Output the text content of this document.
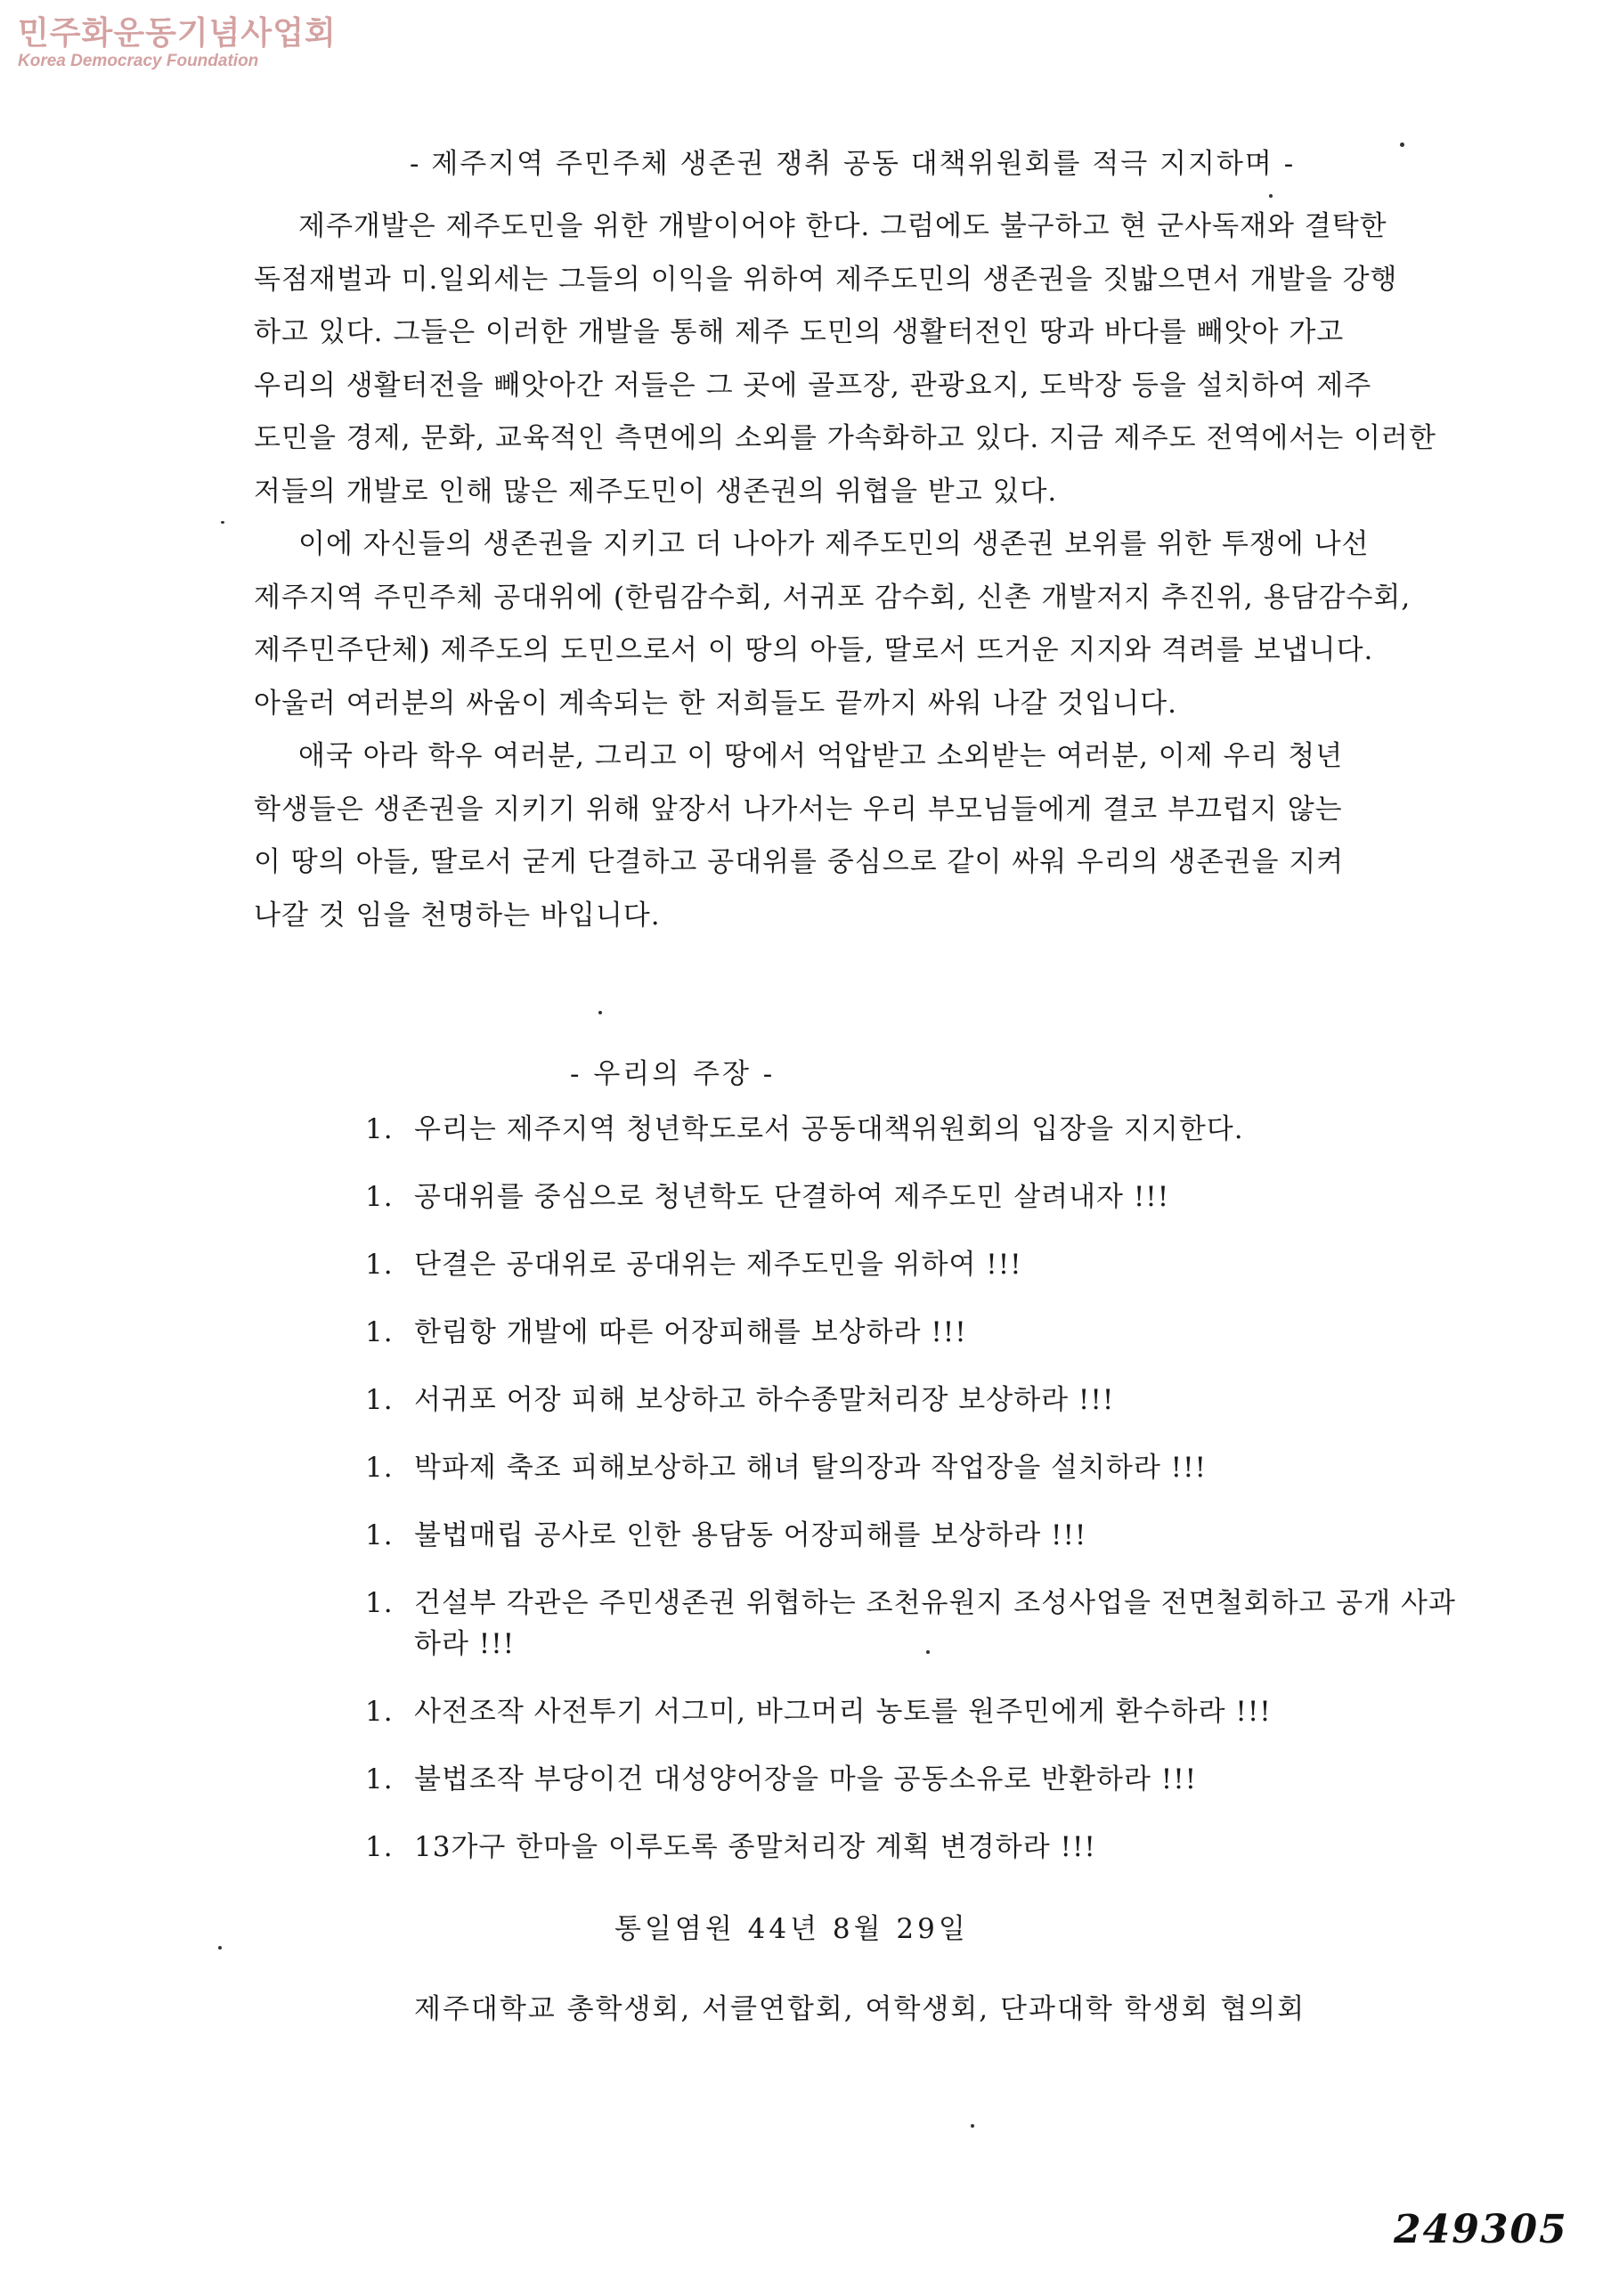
민주화운동기념사업회
Korea Democracy Foundation
- 제주지역 주민주체 생존권 쟁취 공동 대책위원회를 적극 지지하며 -

제주개발은 제주도민을 위한 개발이어야 한다. 그럼에도 불구하고 현 군사독재와 결탁한
독점재벌과 미.일외세는 그들의 이익을 위하여 제주도민의 생존권을 짓밟으면서 개발을 강행
하고 있다. 그들은 이러한 개발을 통해 제주 도민의 생활터전인 땅과 바다를 빼앗아 가고
우리의 생활터전을 빼앗아간 저들은 그 곳에 골프장, 관광요지, 도박장 등을 설치하여 제주
도민을 경제, 문화, 교육적인 측면에의 소외를 가속화하고 있다. 지금 제주도 전역에서는 이러한
저들의 개발로 인해 많은 제주도민이 생존권의 위협을 받고 있다.

이에 자신들의 생존권을 지키고 더 나아가 제주도민의 생존권 보위를 위한 투쟁에 나선
제주지역 주민주체 공대위에 (한림감수회, 서귀포 감수회, 신촌 개발저지 추진위, 용담감수회,
제주민주단체) 제주도의 도민으로서 이 땅의 아들, 딸로서 뜨거운 지지와 격려를 보냅니다.
아울러 여러분의 싸움이 계속되는 한 저희들도 끝까지 싸워 나갈 것입니다.

애국 아라 학우 여러분, 그리고 이 땅에서 억압받고 소외받는 여러분, 이제 우리 청년
학생들은 생존권을 지키기 위해 앞장서 나가서는 우리 부모님들에게 결코 부끄럽지 않는
이 땅의 아들, 딸로서 굳게 단결하고 공대위를 중심으로 같이 싸워 우리의 생존권을 지켜
나갈 것 임을 천명하는 바입니다.

- 우리의 주장 -
1. 우리는 제주지역 청년학도로서 공동대책위원회의 입장을 지지한다.
1. 공대위를 중심으로 청년학도 단결하여 제주도민 살려내자 !!!
1. 단결은 공대위로 공대위는 제주도민을 위하여 !!!
1. 한림항 개발에 따른 어장피해를 보상하라 !!!
1. 서귀포 어장 피해 보상하고 하수종말처리장 보상하라 !!!
1. 박파제 축조 피해보상하고 해녀 탈의장과 작업장을 설치하라 !!!
1. 불법매립 공사로 인한 용담동 어장피해를 보상하라 !!!
1. 건설부 각관은 주민생존권 위협하는 조천유원지 조성사업을 전면철회하고 공개 사과하라 !!!
1. 사전조작 사전투기 서그미, 바그머리 농토를 원주민에게 환수하라 !!!
1. 불법조작 부당이건 대성양어장을 마을 공동소유로 반환하라 !!!
1. 13가구 한마을 이루도록 종말처리장 계획 변경하라 !!!
통일염원 44년 8월 29일
제주대학교 총학생회, 서클연합회, 여학생회, 단과대학 학생회 협의회
249305
